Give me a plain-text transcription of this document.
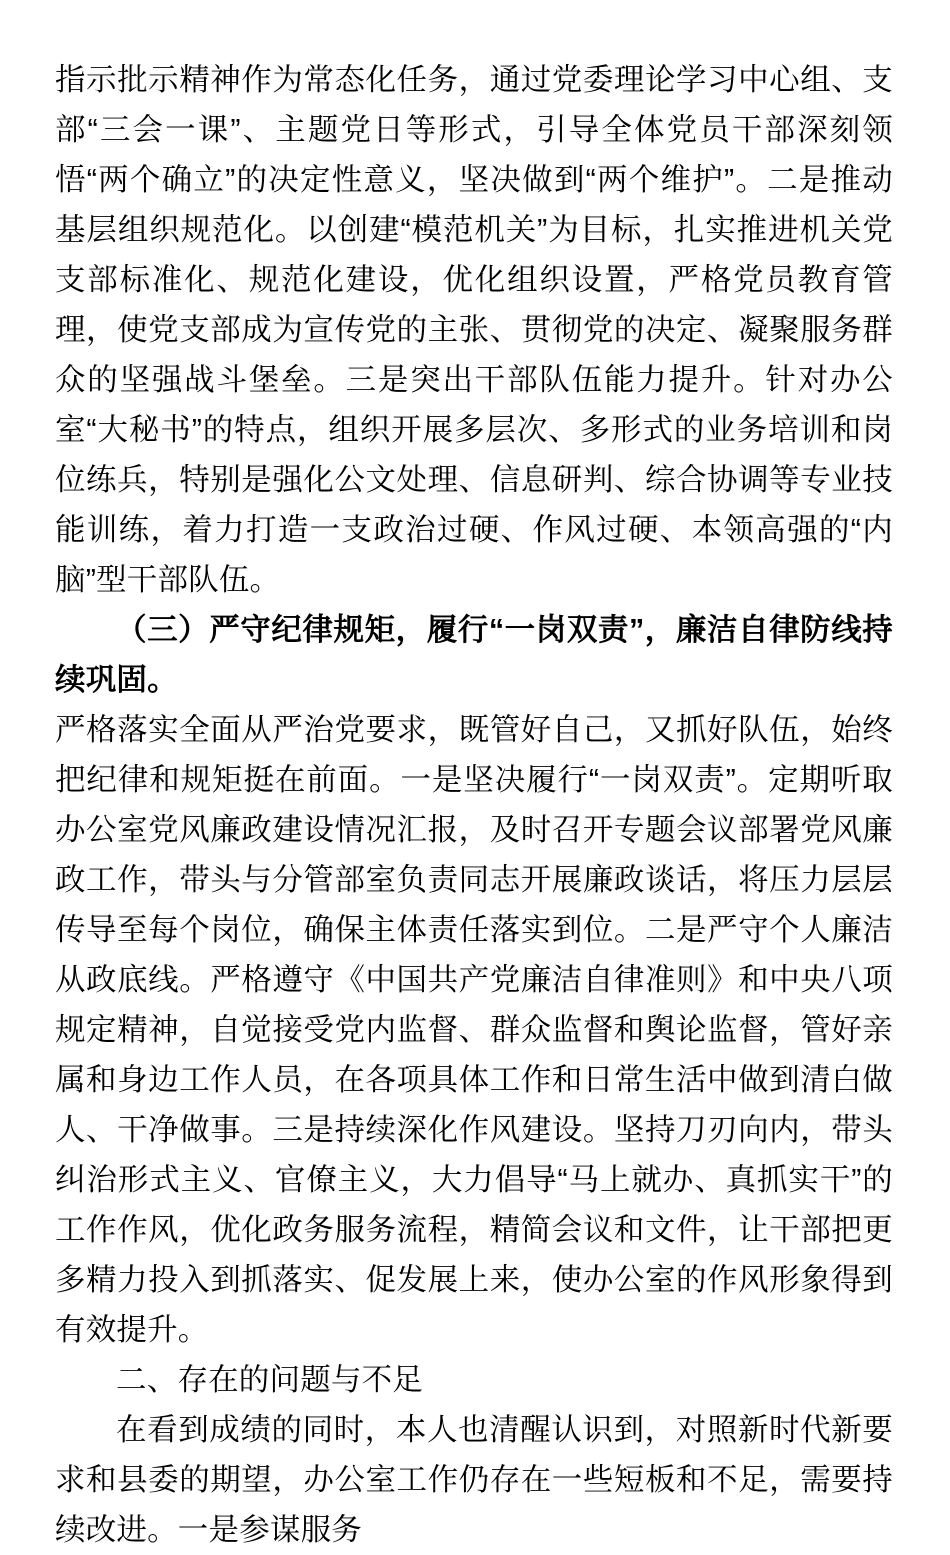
指示批示精神作为常态化任务，通过党委理论学习中心组、支部“三会一课”、主题党日等形式，引导全体党员干部深刻领悟“两个确立”的决定性意义，坚决做到“两个维护”。二是推动基层组织规范化。以创建“模范机关”为目标，扎实推进机关党支部标准化、规范化建设，优化组织设置，严格党员教育管理，使党支部成为宣传党的主张、贯彻党的决定、凝聚服务群众的坚强战斗堡垒。三是突出干部队伍能力提升。针对办公室“大秘书”的特点，组织开展多层次、多形式的业务培训和岗位练兵，特别是强化公文处理、信息研判、综合协调等专业技能训练，着力打造一支政治过硬、作风过硬、本领高强的“内脑”型干部队伍。

（三）严守纪律规矩，履行“一岗双责”，廉洁自律防线持续巩固。

严格落实全面从严治党要求，既管好自己，又抓好队伍，始终把纪律和规矩挺在前面。一是坚决履行“一岗双责”。定期听取办公室党风廉政建设情况汇报，及时召开专题会议部署党风廉政工作，带头与分管部室负责同志开展廉政谈话，将压力层层传导至每个岗位，确保主体责任落实到位。二是严守个人廉洁从政底线。严格遵守《中国共产党廉洁自律准则》和中央八项规定精神，自觉接受党内监督、群众监督和舆论监督，管好亲属和身边工作人员，在各项具体工作和日常生活中做到清白做人、干净做事。三是持续深化作风建设。坚持刀刃向内，带头纠治形式主义、官僚主义，大力倡导“马上就办、真抓实干”的工作作风，优化政务服务流程，精简会议和文件，让干部把更多精力投入到抓落实、促发展上来，使办公室的作风形象得到有效提升。

二、存在的问题与不足

在看到成绩的同时，本人也清醒认识到，对照新时代新要求和县委的期望，办公室工作仍存在一些短板和不足，需要持续改进。一是参谋服务
